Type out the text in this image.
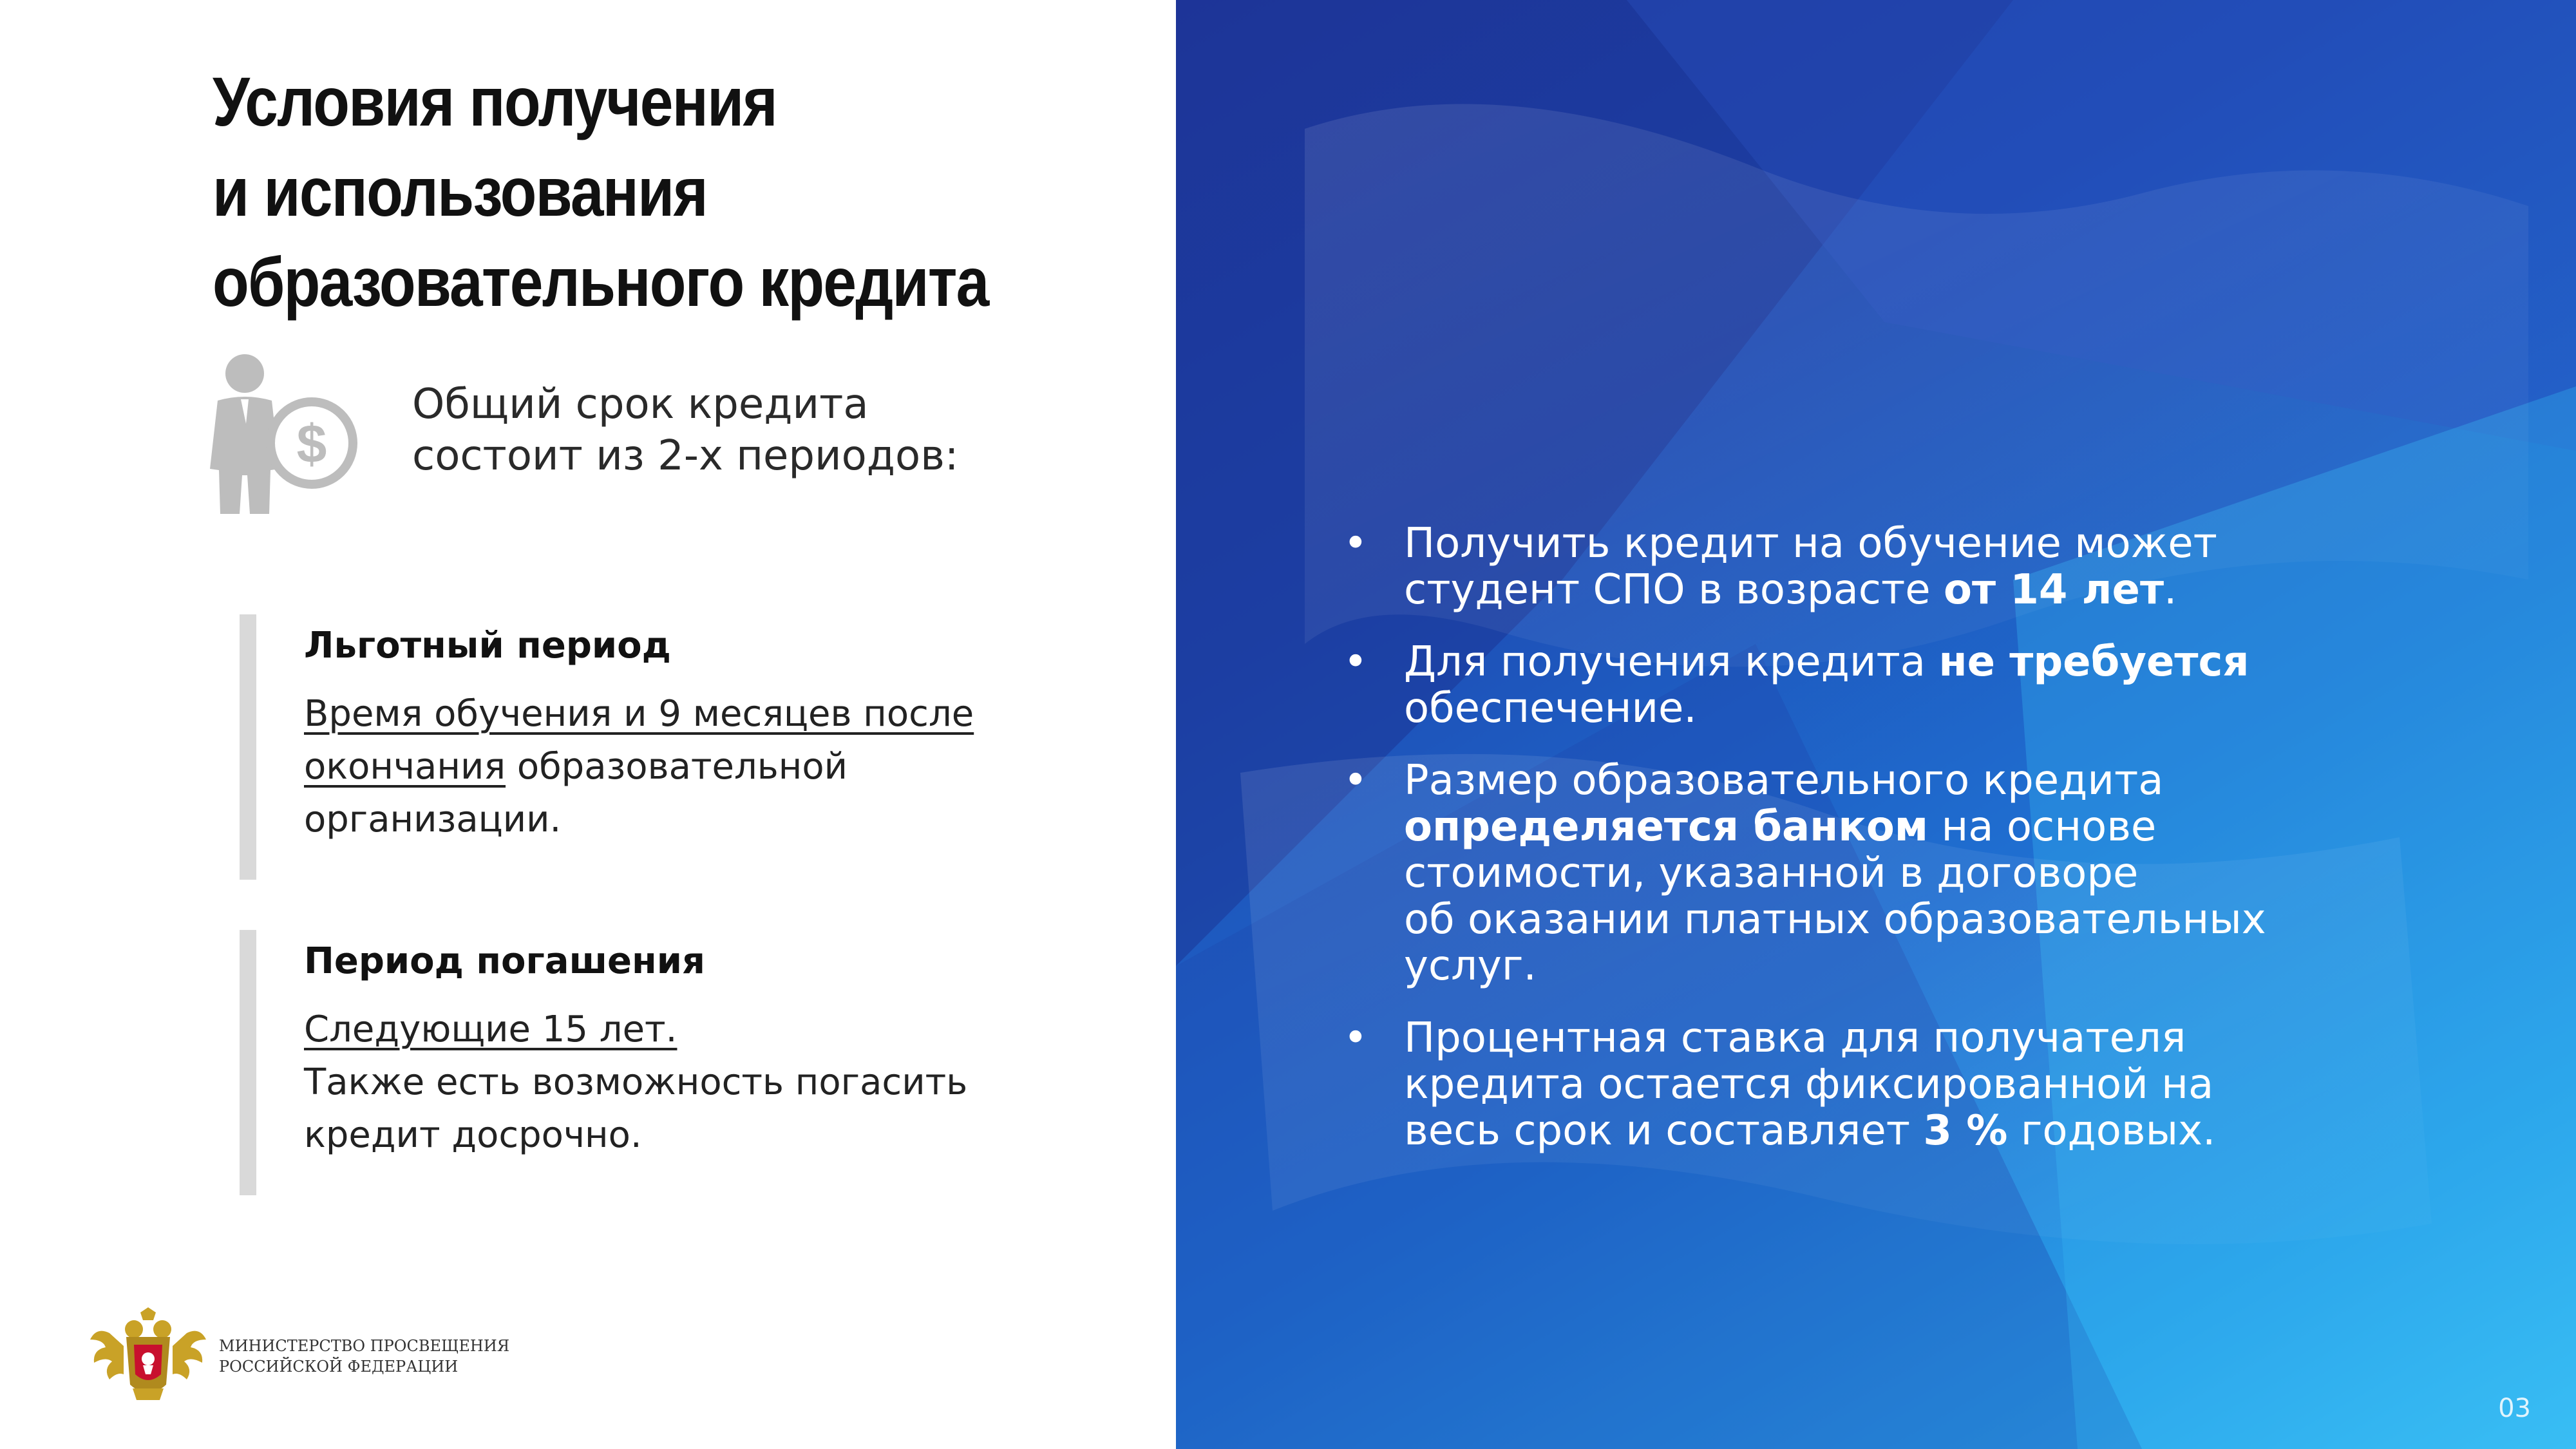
Условия получения
и использования
образовательного кредита
$
Общий срок кредита
состоит из 2-х периодов:
Льготный период
Время обучения и 9 месяцев после
окончания образовательной
организации.
Период погашения
Следующие 15 лет.
Также есть возможность погасить
кредит досрочно.
МИНИСТЕРСТВО ПРОСВЕЩЕНИЯ
РОССИЙСКОЙ ФЕДЕРАЦИИ
• Получить кредит на обучение может
студент СПО в возрасте от 14 лет.
• Для получения кредита не требуется
обеспечение.
• Размер образовательного кредита
определяется банком на основе
стоимости, указанной в договоре
об оказании платных образовательных
услуг.
• Процентная ставка для получателя
кредита остается фиксированной на
весь срок и составляет 3 % годовых.
03
